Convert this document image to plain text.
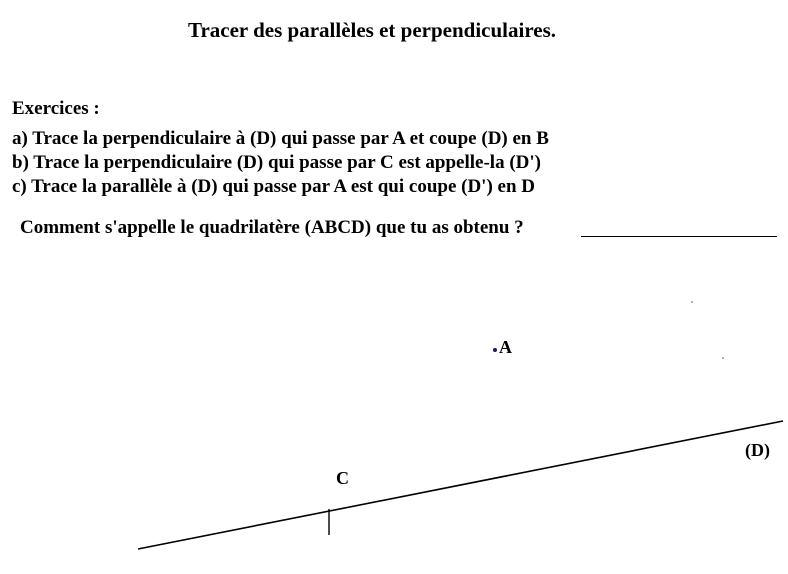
Tracer des parallèles et perpendiculaires.
Exercices :
a) Trace la perpendiculaire à (D) qui passe par A et coupe (D) en B
b) Trace la perpendiculaire (D) qui passe par C est appelle-la (D')
c) Trace la parallèle à (D) qui passe par A est qui coupe (D') en D
Comment s'appelle le quadrilatère (ABCD) que tu as obtenu ?
A
C
(D)
